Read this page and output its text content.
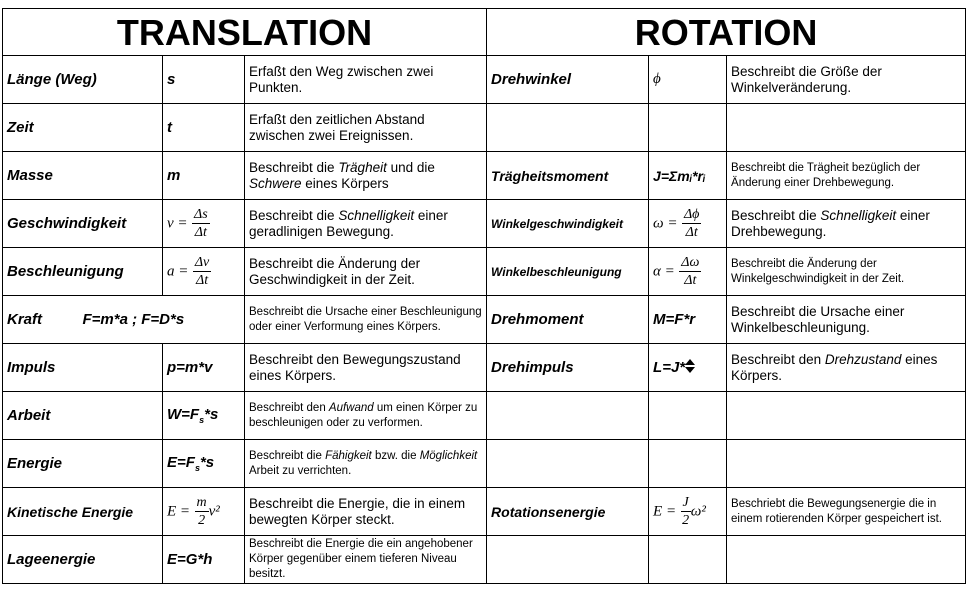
TRANSLATION			ROTATION		
Länge (Weg)	s	Erfaßt den Weg zwischen zwei Punkten.	Drehwinkel	ϕ	Beschreibt die Größe der Winkelveränderung.
Zeit	t	Erfaßt den zeitlichen Abstand zwischen zwei Ereignissen.			
Masse	m	Beschreibt die Trägheit und die Schwere eines Körpers	Trägheitsmoment	J=Σmᵢ*rᵢ	Beschreibt die Trägheit bezüglich der Änderung einer Drehbewegung.
Geschwindigkeit	$v = \frac{\Delta s}{\Delta t}$	Beschreibt die Schnelligkeit einer geradlinigen Bewegung.	Winkelgeschwindigkeit	$\omega = \frac{\Delta\phi}{\Delta t}$	Beschreibt die Schnelligkeit einer Drehbewegung.
Beschleunigung	$a = \frac{\Delta v}{\Delta t}$	Beschreibt die Änderung der Geschwindigkeit in der Zeit.	Winkelbeschleunigung	$\alpha = \frac{\Delta\omega}{\Delta t}$	Beschreibt die Änderung der Winkelgeschwindigkeit in der Zeit.
Kraft F=m*a ; F=D*s		Beschreibt die Ursache einer Beschleunigung oder einer Verformung eines Körpers.	Drehmoment	M=F*r	Beschreibt die Ursache einer Winkelbeschleunigung.
Impuls	p=m*v	Beschreibt den Bewegungszustand eines Körpers.	Drehimpuls	L=J*	Beschreibt den Drehzustand eines Körpers.
Arbeit	$W=F_s*s$	Beschreibt den Aufwand um einen Körper zu beschleunigen oder zu verformen.			
Energie	$E=F_s*s$	Beschreibt die Fähigkeit bzw. die Möglichkeit Arbeit zu verrichten.			
Kinetische Energie	$E = \frac{m}{2} v^2$	Beschreibt die Energie, die in einem bewegten Körper steckt.	Rotationsenergie	$E = \frac{J}{2} \omega^2$	Beschriebt die Bewegungsenergie die in einem rotierenden Körper gespeichert ist.
Lageenergie	E=G*h	Beschreibt die Energie die ein angehobener Körper gegenüber einem tieferen Niveau besitzt.			
